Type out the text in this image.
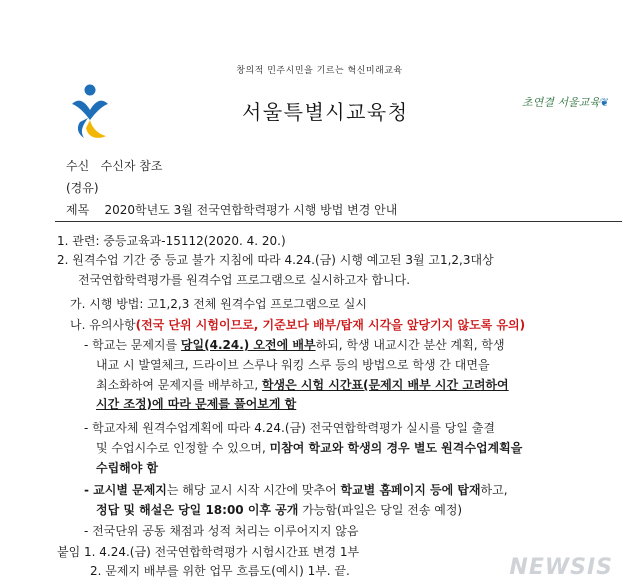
창의적 민주시민을 기르는 혁신미래교육
서울특별시교육청	초연결 서울교육❦
수신 수신자 참조
(경유)
제목 2020학년도 3월 전국연합학력평가 시행 방법 변경 안내
1. 관련: 중등교육과-15112(2020. 4. 20.)
2. 원격수업 기간 중 등교 불가 지침에 따라 4.24.(금) 시행 예고된 3월 고1,2,3대상
전국연합학력평가를 원격수업 프로그램으로 실시하고자 합니다.
가. 시행 방법: 고1,2,3 전체 원격수업 프로그램으로 실시
나. 유의사항(전국 단위 시험이므로, 기준보다 배부/탑재 시각을 앞당기지 않도록 유의)
- 학교는 문제지를 당일(4.24.) 오전에 배부하되, 학생 내교시간 분산 계획, 학생
내교 시 발열체크, 드라이브 스루나 워킹 스루 등의 방법으로 학생 간 대면을
최소화하여 문제지를 배부하고, 학생은 시험 시간표(문제지 배부 시간 고려하여
시간 조정)에 따라 문제를 풀어보게 함
- 학교자체 원격수업계획에 따라 4.24.(금) 전국연합학력평가 실시를 당일 출결
및 수업시수로 인정할 수 있으며, 미참여 학교와 학생의 경우 별도 원격수업계획을
수립해야 함
- 교시별 문제지는 해당 교시 시작 시간에 맞추어 학교별 홈페이지 등에 탑재하고,
정답 및 해설은 당일 18:00 이후 공개 가능함(파일은 당일 전송 예정)
- 전국단위 공동 채점과 성적 처리는 이루어지지 않음
붙임 1. 4.24.(금) 전국연합학력평가 시험시간표 변경 1부
2. 문제지 배부를 위한 업무 흐름도(예시) 1부. 끝.	NEWSIS
